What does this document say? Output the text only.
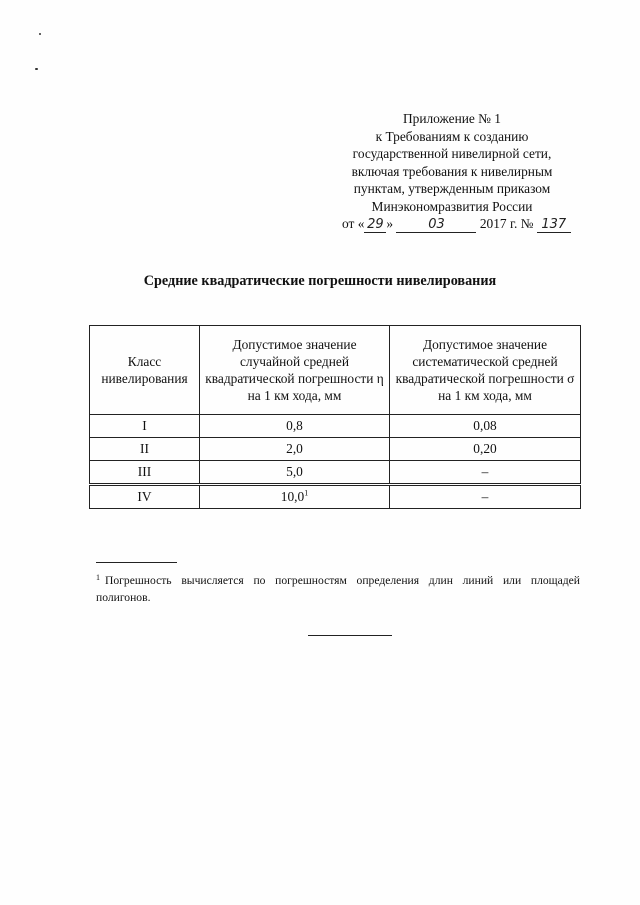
Приложение № 1
к Требованиям к созданию
государственной нивелирной сети,
включая требования к нивелирным
пунктам, утвержденным приказом
Минэкономразвития России
от « 29 »	03	2017 г. № 137
Средние квадратические погрешности нивелирования
Класс нивелирования	Допустимое значение случайной средней квадратической погрешности η на 1 км хода, мм	Допустимое значение систематической средней квадратической погрешности σ на 1 км хода, мм
I	0,8	0,08
II	2,0	0,20
III	5,0	–
IV	10,0$^1$	–
$^1$ Погрешность вычисляется по погрешностям определения длин линий или площадей полигонов.
